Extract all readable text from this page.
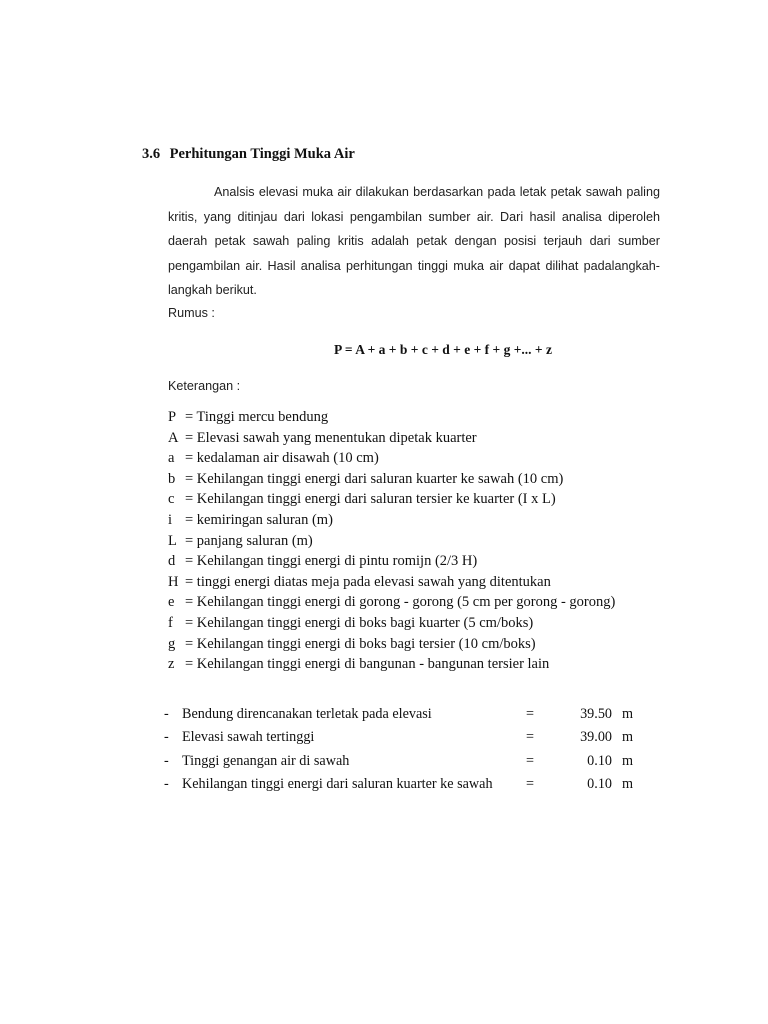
3.6 Perhitungan Tinggi Muka Air
Analsis elevasi muka air dilakukan berdasarkan pada letak petak sawah paling
kritis, yang ditinjau dari lokasi pengambilan sumber air. Dari hasil analisa diperoleh
daerah petak sawah paling kritis adalah petak dengan posisi terjauh dari sumber
pengambilan air. Hasil analisa perhitungan tinggi muka air dapat dilihat padalangkah-
langkah berikut.
Rumus :
P = A + a + b + c + d + e + f + g +... + z
Keterangan :
P = Tinggi mercu bendung
A = Elevasi sawah yang menentukan dipetak kuarter
a = kedalaman air disawah (10 cm)
b = Kehilangan tinggi energi dari saluran kuarter ke sawah (10 cm)
c = Kehilangan tinggi energi dari saluran tersier ke kuarter (I x L)
i = kemiringan saluran (m)
L = panjang saluran (m)
d = Kehilangan tinggi energi di pintu romijn (2/3 H)
H = tinggi energi diatas meja pada elevasi sawah yang ditentukan
e = Kehilangan tinggi energi di gorong - gorong (5 cm per gorong - gorong)
f = Kehilangan tinggi energi di boks bagi kuarter (5 cm/boks)
g = Kehilangan tinggi energi di boks bagi tersier (10 cm/boks)
z = Kehilangan tinggi energi di bangunan - bangunan tersier lain
- Bendung direncanakan terletak pada elevasi	=	39.50 m
- Elevasi sawah tertinggi	=	39.00 m
- Tinggi genangan air di sawah	=	0.10 m
- Kehilangan tinggi energi dari saluran kuarter ke sawah	=	0.10 m
